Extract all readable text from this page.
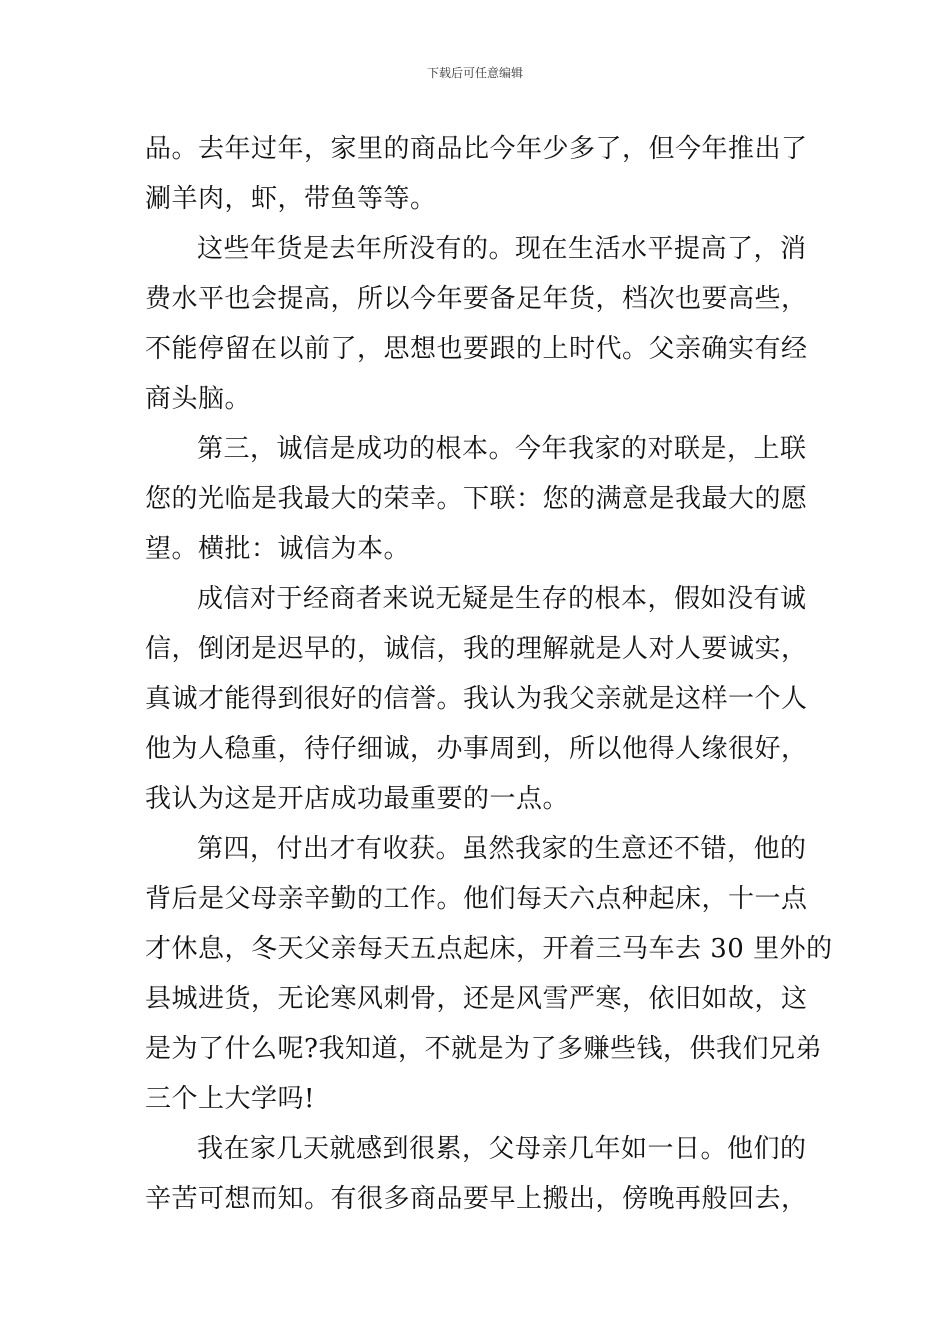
下载后可任意编辑
品。去年过年，家里的商品比今年少多了，但今年推出了
涮羊肉，虾，带鱼等等。
这些年货是去年所没有的。现在生活水平提高了，消
费水平也会提高，所以今年要备足年货，档次也要高些，
不能停留在以前了，思想也要跟的上时代。父亲确实有经
商头脑。
第三，诚信是成功的根本。今年我家的对联是，上联
您的光临是我最大的荣幸。下联：您的满意是我最大的愿
望。横批：诚信为本。
成信对于经商者来说无疑是生存的根本，假如没有诚
信，倒闭是迟早的，诚信，我的理解就是人对人要诚实，
真诚才能得到很好的信誉。我认为我父亲就是这样一个人
他为人稳重，待仔细诚，办事周到，所以他得人缘很好，
我认为这是开店成功最重要的一点。
第四，付出才有收获。虽然我家的生意还不错，他的
背后是父母亲辛勤的工作。他们每天六点种起床，十一点
才休息，冬天父亲每天五点起床，开着三马车去 30 里外的
县城进货，无论寒风刺骨，还是风雪严寒，依旧如故，这
是为了什么呢?我知道，不就是为了多赚些钱，供我们兄弟
三个上大学吗!
我在家几天就感到很累，父母亲几年如一日。他们的
辛苦可想而知。有很多商品要早上搬出，傍晚再般回去，
